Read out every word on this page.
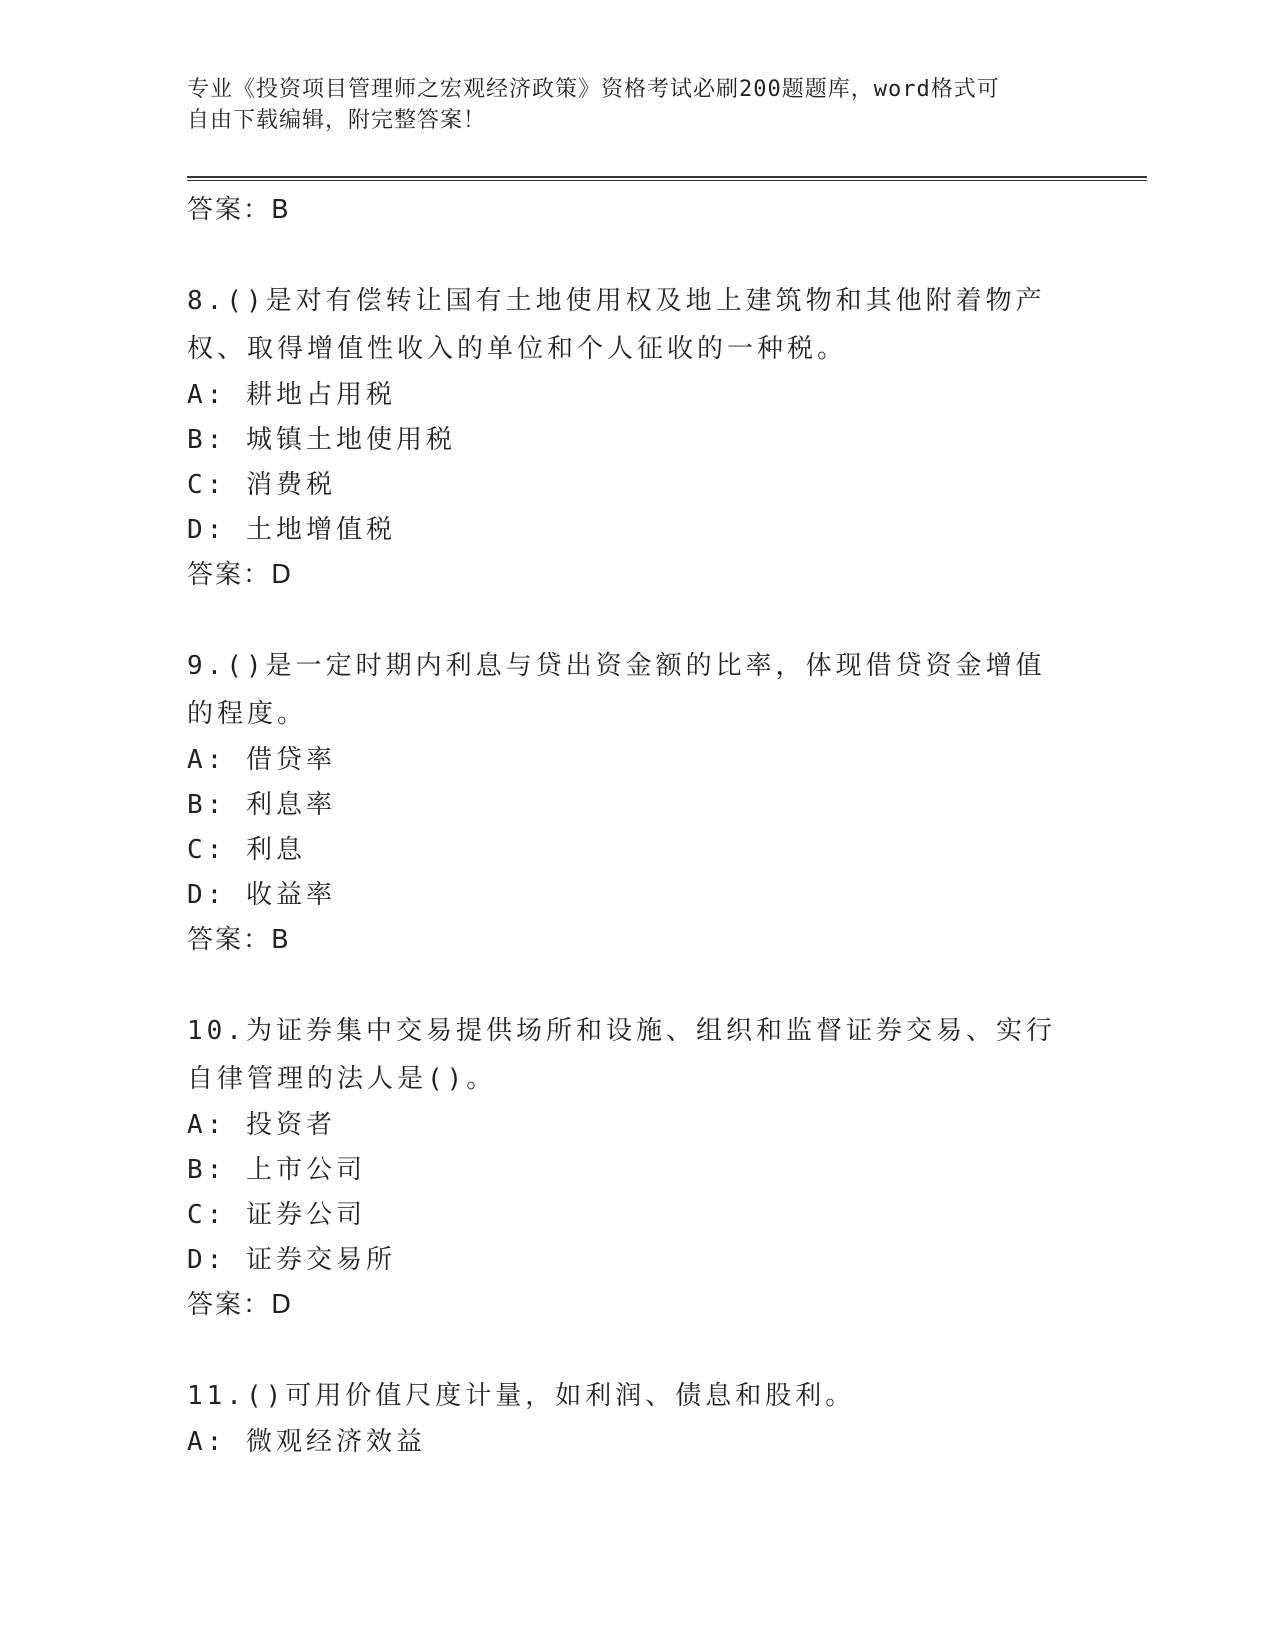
专业《投资项目管理师之宏观经济政策》资格考试必刷200题题库，word格式可
自由下载编辑，附完整答案！
答案：B
8.()是对有偿转让国有土地使用权及地上建筑物和其他附着物产权、取得增值性收入的单位和个人征收的一种税。
A: 耕地占用税
B: 城镇土地使用税
C: 消费税
D: 土地增值税
答案：D
9.()是一定时期内利息与贷出资金额的比率，体现借贷资金增值的程度。
A: 借贷率
B: 利息率
C: 利息
D: 收益率
答案：B
10.为证券集中交易提供场所和设施、组织和监督证券交易、实行自律管理的法人是()。
A: 投资者
B: 上市公司
C: 证券公司
D: 证券交易所
答案：D
11.()可用价值尺度计量，如利润、债息和股利。
A: 微观经济效益
